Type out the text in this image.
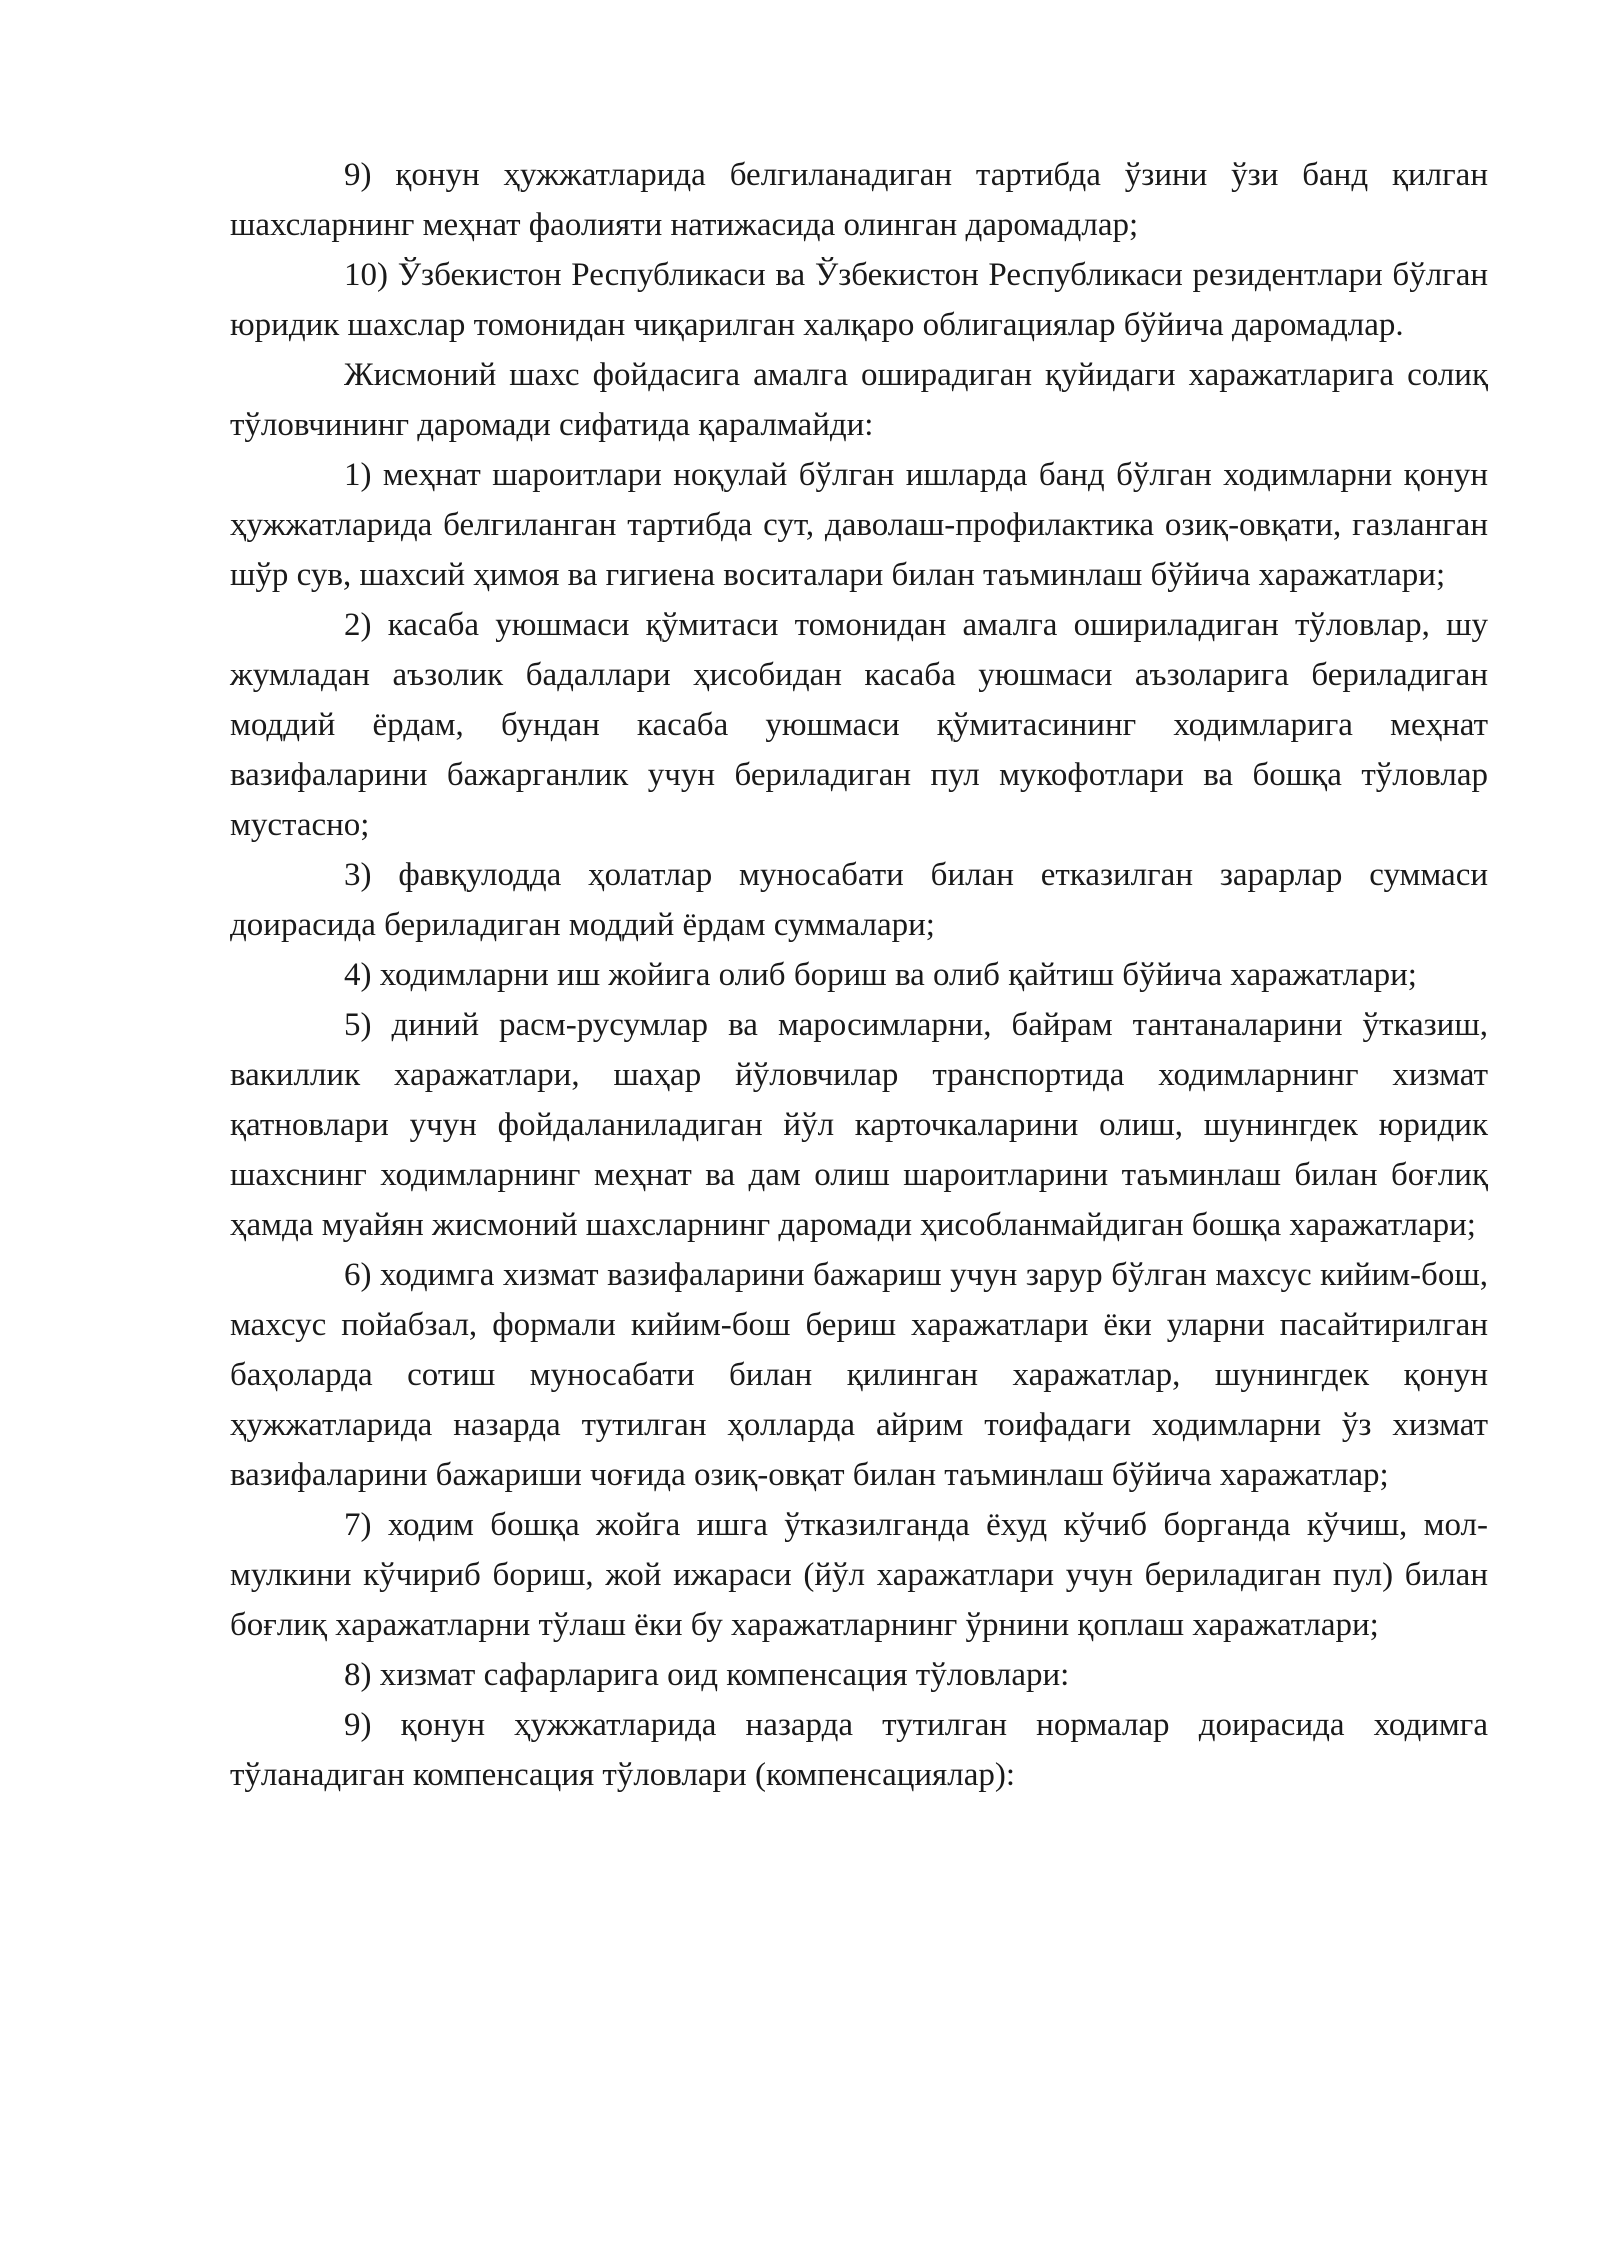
9) қонун ҳужжатларида белгиланадиган тартибда ўзини ўзи банд қилган шахсларнинг меҳнат фаолияти натижасида олинган даромадлар;

10) Ўзбекистон Республикаси ва Ўзбекистон Республикаси резидентлари бўлган юридик шахслар томонидан чиқарилган халқаро облигациялар бўйича даромадлар.

Жисмоний шахс фойдасига амалга оширадиган қуйидаги харажатларига солиқ тўловчининг даромади сифатида қаралмайди:

1) меҳнат шароитлари ноқулай бўлган ишларда банд бўлган ходимларни қонун ҳужжатларида белгиланган тартибда сут, даволаш-профилактика озиқ-овқати, газланган шўр сув, шахсий ҳимоя ва гигиена воситалари билан таъминлаш бўйича харажатлари;

2) касаба уюшмаси қўмитаси томонидан амалга ошириладиган тўловлар, шу жумладан аъзолик бадаллари ҳисобидан касаба уюшмаси аъзоларига бериладиган моддий ёрдам, бундан касаба уюшмаси қўмитасининг ходимларига меҳнат вазифаларини бажарганлик учун бериладиган пул мукофотлари ва бошқа тўловлар мустасно;

3) фавқулодда ҳолатлар муносабати билан етказилган зарарлар суммаси доирасида бериладиган моддий ёрдам суммалари;

4) ходимларни иш жойига олиб бориш ва олиб қайтиш бўйича харажатлари;

5) диний расм-русумлар ва маросимларни, байрам тантаналарини ўтказиш, вакиллик харажатлари, шаҳар йўловчилар транспортида ходимларнинг хизмат қатновлари учун фойдаланиладиган йўл карточкаларини олиш, шунингдек юридик шахснинг ходимларнинг меҳнат ва дам олиш шароитларини таъминлаш билан боғлиқ ҳамда муайян жисмоний шахсларнинг даромади ҳисобланмайдиган бошқа харажатлари;

6) ходимга хизмат вазифаларини бажариш учун зарур бўлган махсус кийим-бош, махсус пойабзал, формали кийим-бош бериш харажатлари ёки уларни пасайтирилган баҳоларда сотиш муносабати билан қилинган харажатлар, шунингдек қонун ҳужжатларида назарда тутилган ҳолларда айрим тоифадаги ходимларни ўз хизмат вазифаларини бажариши чоғида озиқ-овқат билан таъминлаш бўйича харажатлар;

7) ходим бошқа жойга ишга ўтказилганда ёхуд кўчиб борганда кўчиш, мол-мулкини кўчириб бориш, жой ижараси (йўл харажатлари учун бериладиган пул) билан боғлиқ харажатларни тўлаш ёки бу харажатларнинг ўрнини қоплаш харажатлари;

8) хизмат сафарларига оид компенсация тўловлари:

9) қонун ҳужжатларида назарда тутилган нормалар доирасида ходимга тўланадиган компенсация тўловлари (компенсациялар):
